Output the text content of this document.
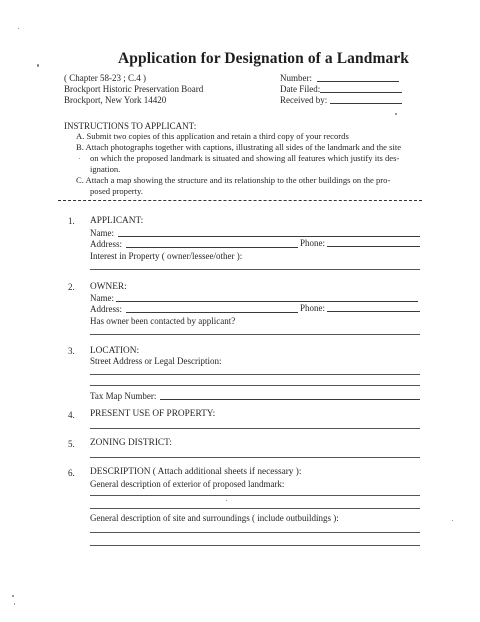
Application for Designation of a Landmark
( Chapter 58-23 ; C.4 )
Brockport Historic Preservation Board
Brockport, New York 14420
Number:
Date Filed:
Received by:
INSTRUCTIONS TO APPLICANT:
A. Submit two copies of this application and retain a third copy of your records
B. Attach photographs together with captions, illustrating all sides of the landmark and the site
on which the proposed landmark is situated and showing all features which justify its des-
ignation.
C. Attach a map showing the structure and its relationship to the other buildings on the pro-
posed property.
1. APPLICANT:
Name:
Address:	Phone:
Interest in Property ( owner/lessee/other ):
2. OWNER:
Name:
Address:	Phone:
Has owner been contacted by applicant?
3. LOCATION:
Street Address or Legal Description:
Tax Map Number:
4. PRESENT USE OF PROPERTY:
5. ZONING DISTRICT:
6. DESCRIPTION ( Attach additional sheets if necessary ):
General description of exterior of proposed landmark:
General description of site and surroundings ( include outbuildings ):
